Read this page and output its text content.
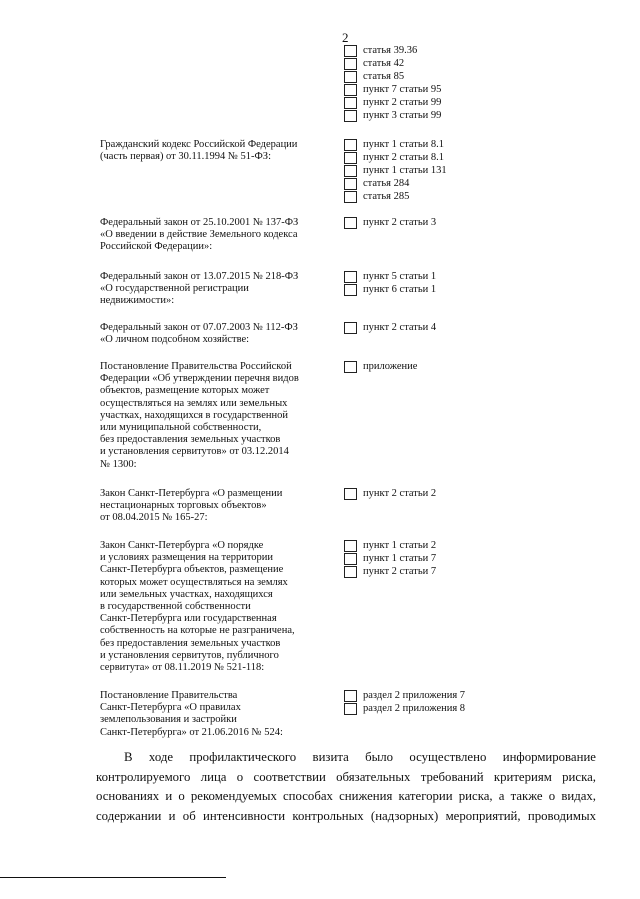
2
статья 39.36
статья 42
статья 85
пункт 7 статьи 95
пункт 2 статьи 99
пункт 3 статьи 99
Гражданский кодекс Российской Федерации
(часть первая) от 30.11.1994 № 51-ФЗ:
пункт 1 статьи 8.1
пункт 2 статьи 8.1
пункт 1 статьи 131
статья 284
статья 285
Федеральный закон от 25.10.2001 № 137-ФЗ
«О введении в действие Земельного кодекса
Российской Федерации»:
пункт 2 статьи 3
Федеральный закон от 13.07.2015 № 218-ФЗ
«О государственной регистрации
недвижимости»:
пункт 5 статьи 1
пункт 6 статьи 1
Федеральный закон от 07.07.2003 № 112-ФЗ
«О личном подсобном хозяйстве:
пункт 2 статьи 4
Постановление Правительства Российской
Федерации «Об утверждении перечня видов
объектов, размещение которых может
осуществляться на землях или земельных
участках, находящихся в государственной
или муниципальной собственности,
без предоставления земельных участков
и установления сервитутов» от 03.12.2014
№ 1300:
приложение
Закон Санкт-Петербурга «О размещении
нестационарных торговых объектов»
от 08.04.2015 № 165-27:
пункт 2 статьи 2
Закон Санкт-Петербурга «О порядке
и условиях размещения на территории
Санкт-Петербурга объектов, размещение
которых может осуществляться на землях
или земельных участках, находящихся
в государственной собственности
Санкт-Петербурга или государственная
собственность на которые не разграничена,
без предоставления земельных участков
и установления сервитутов, публичного
сервитута» от 08.11.2019 № 521-118:
пункт 1 статьи 2
пункт 1 статьи 7
пункт 2 статьи 7
Постановление Правительства
Санкт-Петербурга «О правилах
землепользования и застройки
Санкт-Петербурга» от 21.06.2016 № 524:
раздел 2 приложения 7
раздел 2 приложения 8
В ходе профилактического визита было осуществлено информирование
контролируемого лица о соответствии обязательных требований критериям риска,
основаниях и о рекомендуемых способах снижения категории риска, а также о видах,
содержании и об интенсивности контрольных (надзорных) мероприятий, проводимых
